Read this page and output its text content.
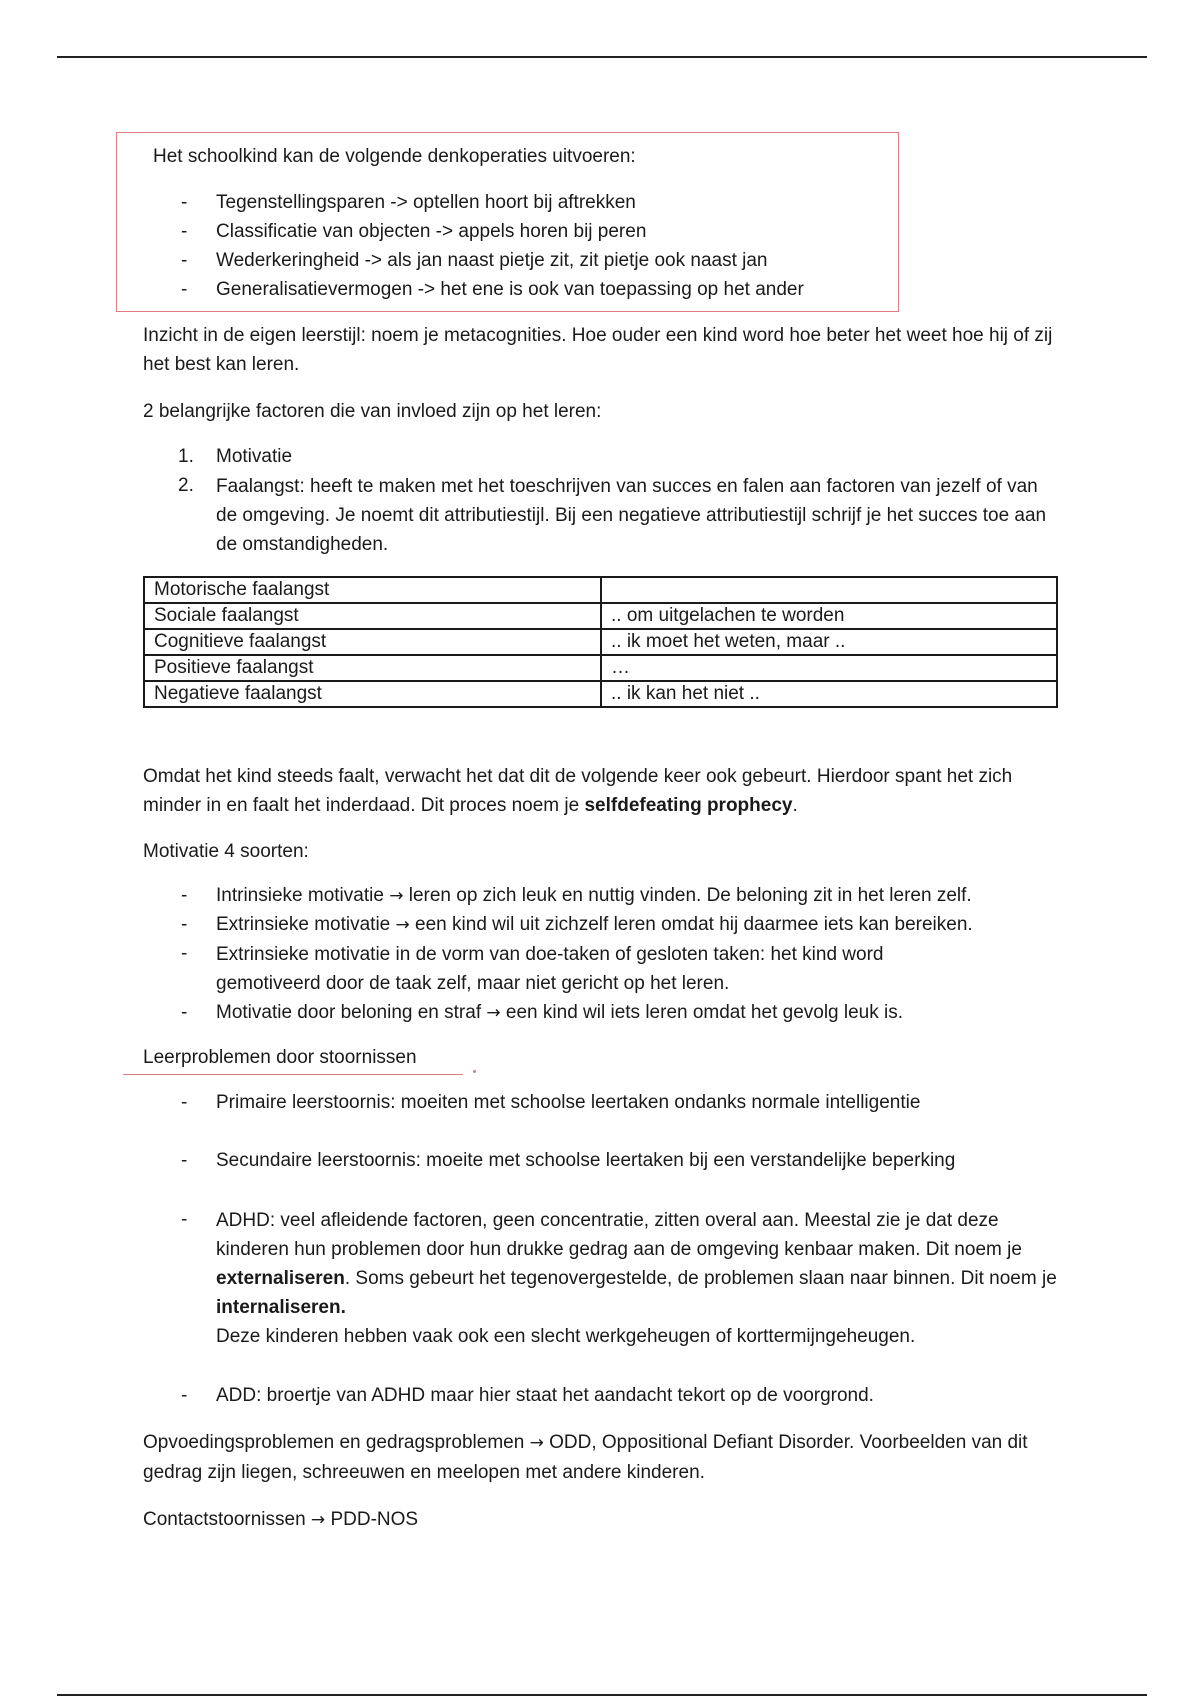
Het schoolkind kan de volgende denkoperaties uitvoeren:
- Tegenstellingsparen -> optellen hoort bij aftrekken
- Classificatie van objecten -> appels horen bij peren
- Wederkeringheid -> als jan naast pietje zit, zit pietje ook naast jan
- Generalisatievermogen -> het ene is ook van toepassing op het ander
Inzicht in de eigen leerstijl: noem je metacognities. Hoe ouder een kind word hoe beter het weet hoe hij of zij het best kan leren.
2 belangrijke factoren die van invloed zijn op het leren:
1. Motivatie
2. Faalangst: heeft te maken met het toeschrijven van succes en falen aan factoren van jezelf of van de omgeving. Je noemt dit attributiestijl. Bij een negatieve attributiestijl schrijf je het succes toe aan de omstandigheden.
Motorische faalangst	
Sociale faalangst	.. om uitgelachen te worden
Cognitieve faalangst	.. ik moet het weten, maar ..
Positieve faalangst	…
Negatieve faalangst	.. ik kan het niet ..
Omdat het kind steeds faalt, verwacht het dat dit de volgende keer ook gebeurt. Hierdoor spant het zich minder in en faalt het inderdaad. Dit proces noem je selfdefeating prophecy.
Motivatie 4 soorten:
- Intrinsieke motivatie → leren op zich leuk en nuttig vinden. De beloning zit in het leren zelf.
- Extrinsieke motivatie → een kind wil uit zichzelf leren omdat hij daarmee iets kan bereiken.
- Extrinsieke motivatie in de vorm van doe-taken of gesloten taken: het kind word gemotiveerd door de taak zelf, maar niet gericht op het leren.
- Motivatie door beloning en straf → een kind wil iets leren omdat het gevolg leuk is.
Leerproblemen door stoornissen
- Primaire leerstoornis: moeiten met schoolse leertaken ondanks normale intelligentie
- Secundaire leerstoornis: moeite met schoolse leertaken bij een verstandelijke beperking
- ADHD: veel afleidende factoren, geen concentratie, zitten overal aan. Meestal zie je dat deze kinderen hun problemen door hun drukke gedrag aan de omgeving kenbaar maken. Dit noem je externaliseren. Soms gebeurt het tegenovergestelde, de problemen slaan naar binnen. Dit noem je internaliseren.
Deze kinderen hebben vaak ook een slecht werkgeheugen of korttermijngeheugen.
- ADD: broertje van ADHD maar hier staat het aandacht tekort op de voorgrond.
Opvoedingsproblemen en gedragsproblemen → ODD, Oppositional Defiant Disorder. Voorbeelden van dit gedrag zijn liegen, schreeuwen en meelopen met andere kinderen.
Contactstoornissen → PDD-NOS
